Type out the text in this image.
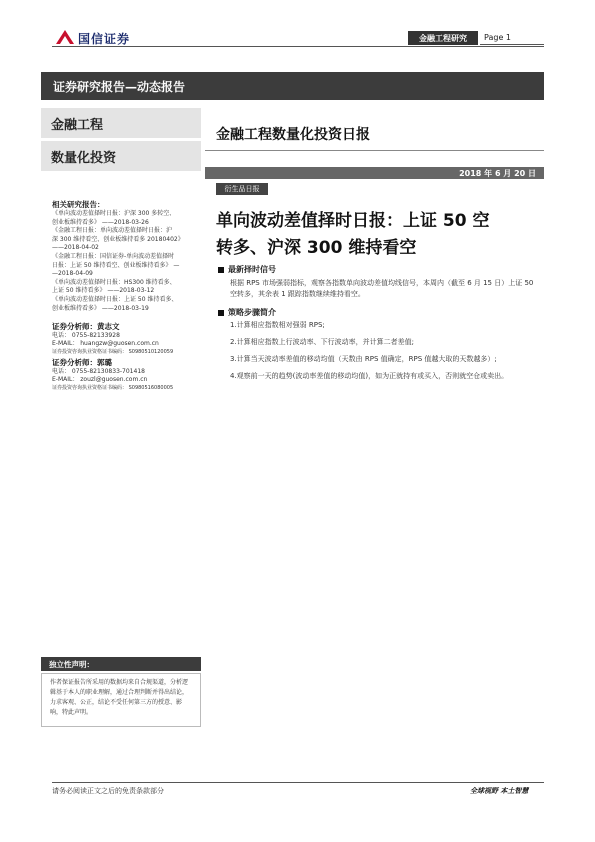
国信证券	金融工程研究	Page 1
证券研究报告—动态报告
金融工程
数量化投资
金融工程数量化投资日报
2018 年 6 月 20 日
相关研究报告：
《单向波动差值择时日报：沪深 300 多转空、
创业板维持看多》 ——2018-03-26
《金融工程日报：单向波动差值择时日报：沪
深 300 维持看空、创业板维持看多 20180402》
——2018-04-02
《金融工程日报：国信证券-单向波动差值择时
日报：上证 50 维持看空、创业板维持看多》 —
—2018-04-09
《单向波动差值择时日报：HS300 维持看多、
上证 50 维持看多》 ——2018-03-12
《单向波动差值择时日报：上证 50 维持看多、
创业板维持看多》 ——2018-03-19
证券分析师：黄志文
电话： 0755-82133928
E-MAIL： huangzw@guosen.com.cn
证券投资咨询执业资格证书编码： S0980510120059
证券分析师：郭璐
电话： 0755-82130833-701418
E-MAIL： zouzl@guosen.com.cn
证券投资咨询执业资格证书编码： S0980516080005
衍生品日报
单向波动差值择时日报：上证 50 空
转多、沪深 300 维持看空
最新择时信号
根据 RPS 市场强弱指标，观察各指数单向波动差值均线信号，本周内（截至 6 月 15 日）上证 50 空转多，其余表 1 跟踪指数继续维持看空。
策略步骤简介
1.计算相应指数相对强弱 RPS;
2.计算相应指数上行波动率、下行波动率，并计算二者差值;
3.计算当天波动率差值的移动均值（天数由 RPS 值确定，RPS 值越大取的天数越多）;
4.观察前一天的趋势(波动率差值的移动均值)，如为正就持有或买入，否则就空仓或卖出。
独立性声明：
作者保证报告所采用的数据均来自合规渠道，分析逻辑基于本人的职业理解，通过合理判断并得出结论，力求客观、公正，结论不受任何第三方的授意、影响，特此声明。
请务必阅读正文之后的免责条款部分	全球视野 本土智慧
